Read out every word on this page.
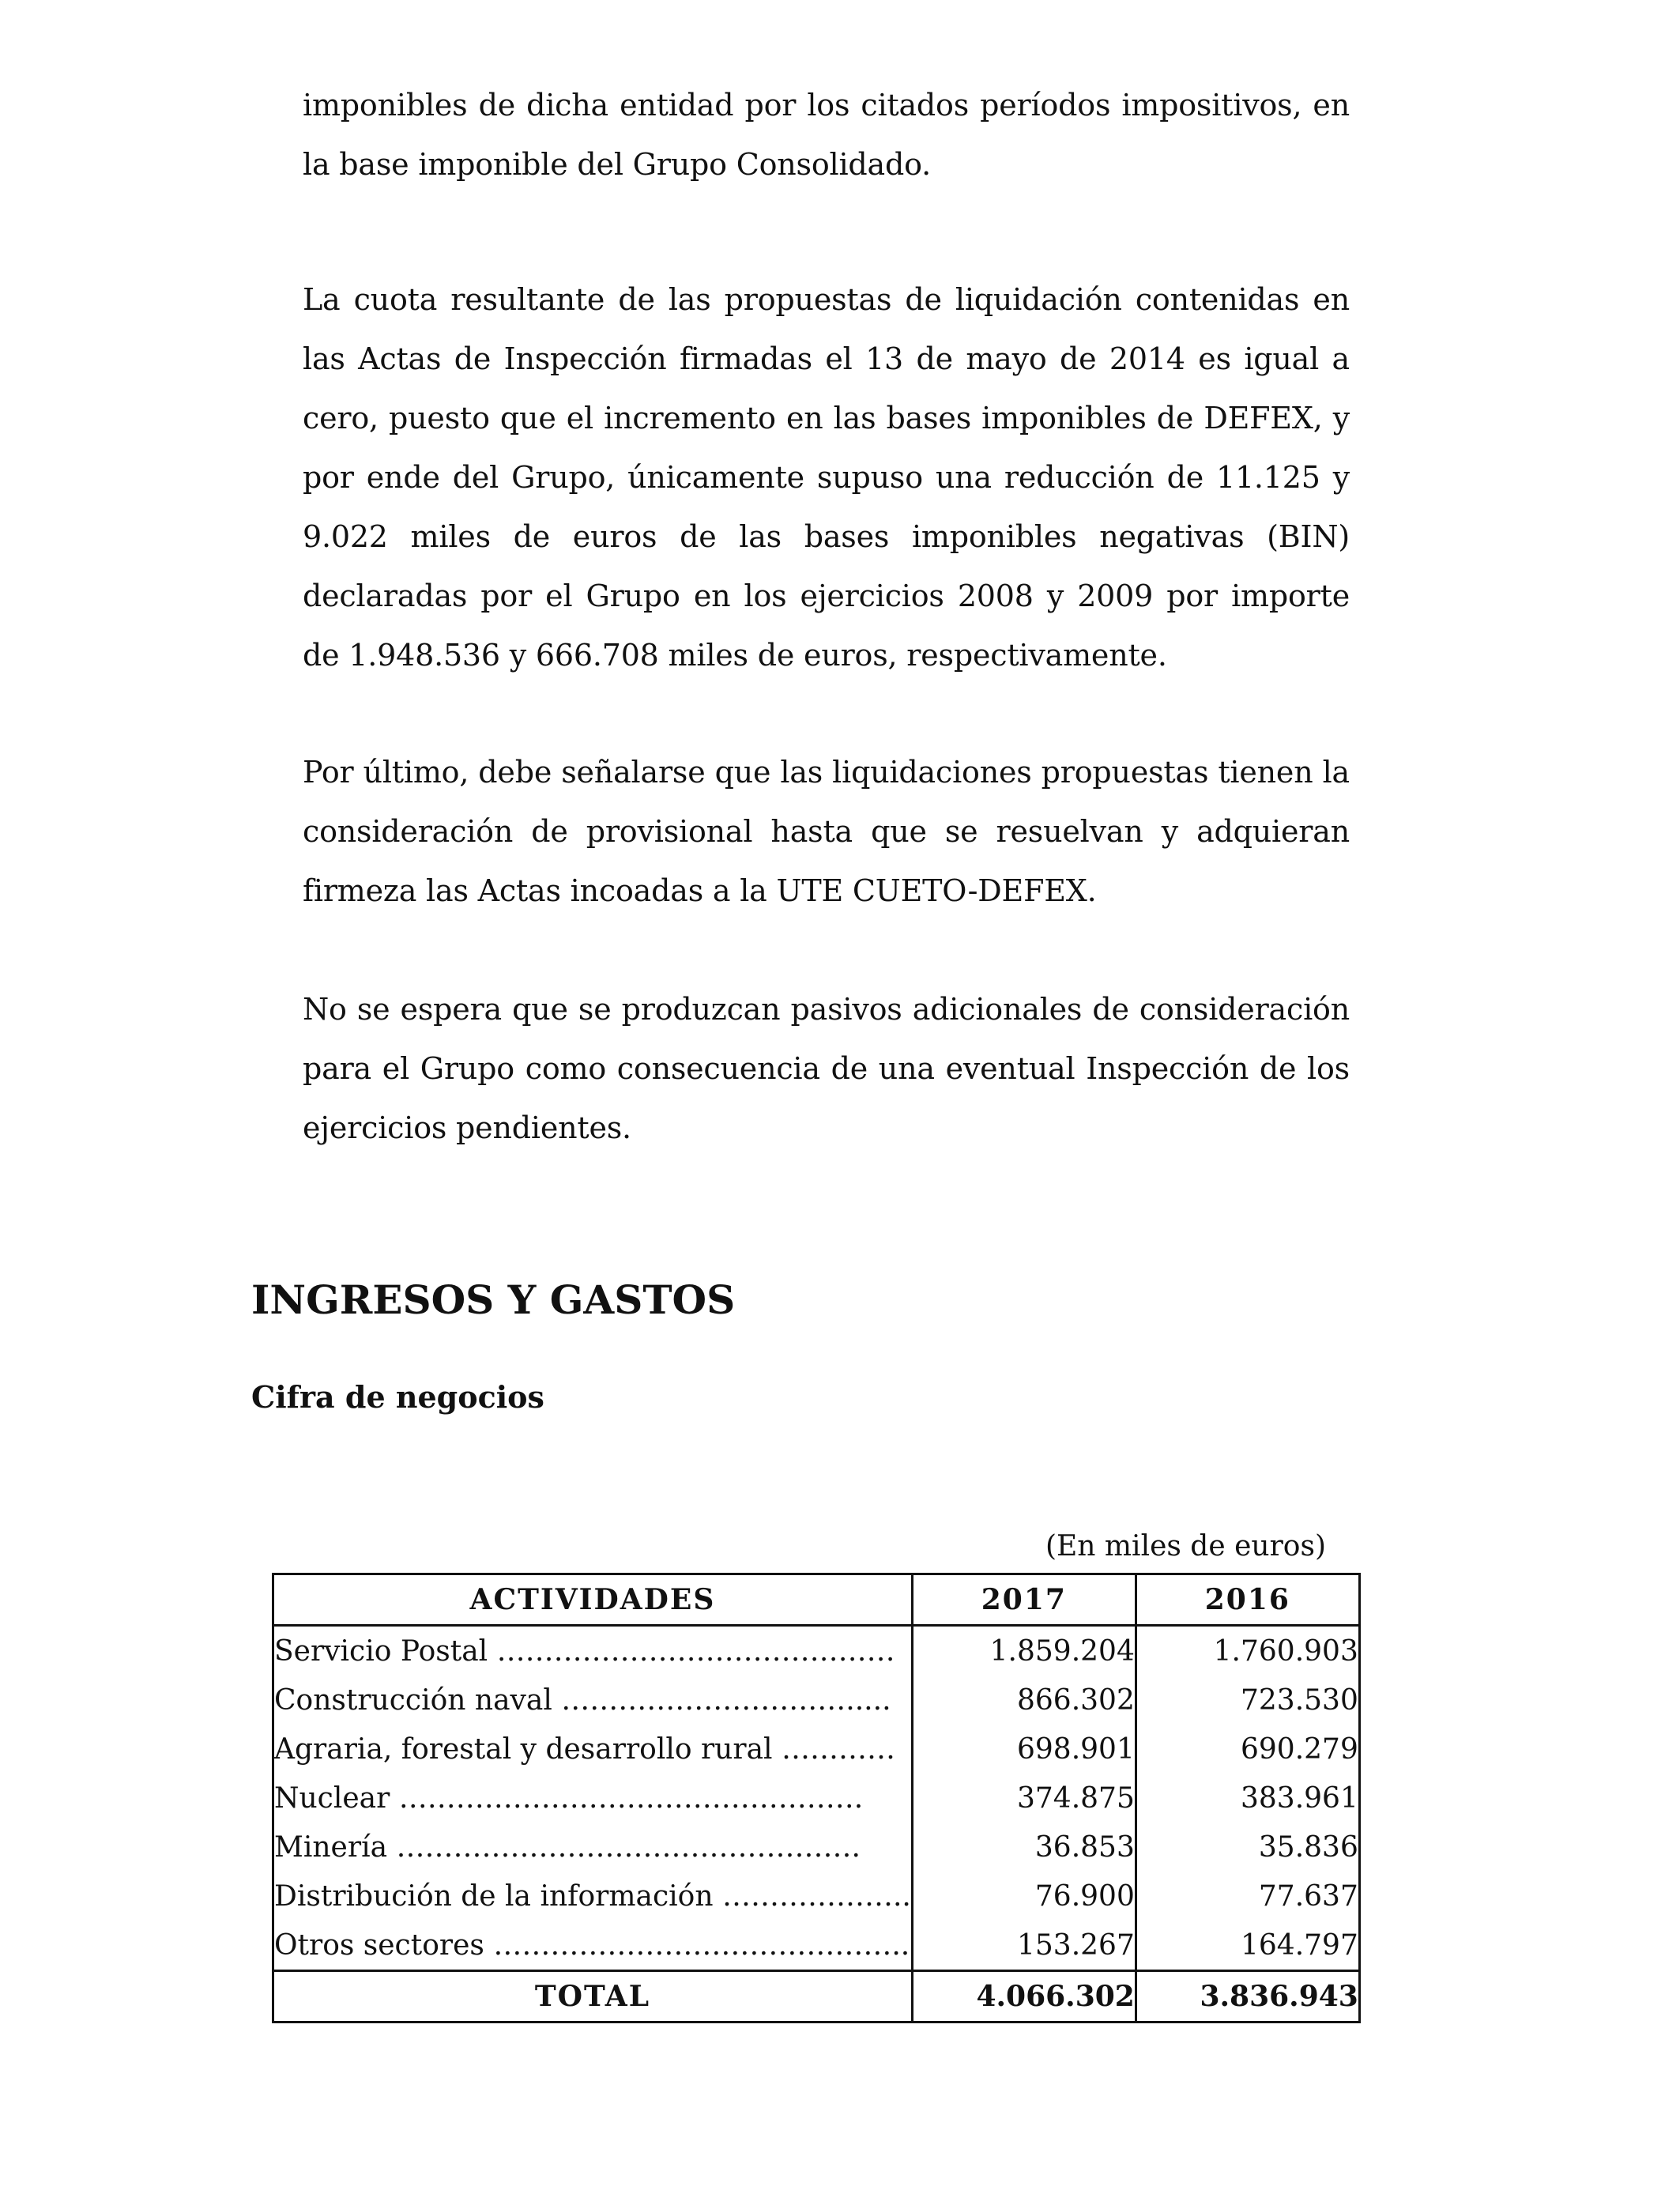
imponibles de dicha entidad por los citados períodos impositivos, en la base imponible del Grupo Consolidado.

La cuota resultante de las propuestas de liquidación contenidas en las Actas de Inspección firmadas el 13 de mayo de 2014 es igual a cero, puesto que el incremento en las bases imponibles de DEFEX, y por ende del Grupo, únicamente supuso una reducción de 11.125 y 9.022 miles de euros de las bases imponibles negativas (BIN) declaradas por el Grupo en los ejercicios 2008 y 2009 por importe de 1.948.536 y 666.708 miles de euros, respectivamente.

Por último, debe señalarse que las liquidaciones propuestas tienen la consideración de provisional hasta que se resuelvan y adquieran firmeza las Actas incoadas a la UTE CUETO-DEFEX.

No se espera que se produzcan pasivos adicionales de consideración para el Grupo como consecuencia de una eventual Inspección de los ejercicios pendientes.

INGRESOS Y GASTOS
Cifra de negocios
(En miles de euros)
ACTIVIDADES	2017	2016
Servicio Postal ……………………………………	1.859.204	1.760.903
Construcción naval ………………………….....	866.302	723.530
Agraria, forestal y desarrollo rural …………	698.901	690.279
Nuclear ………………………………………….	374.875	383.961
Minería ………………………………………….	36.853	35.836
Distribución de la información ………………..	76.900	77.637
Otros sectores ……………………………………..	153.267	164.797
TOTAL	4.066.302	3.836.943
